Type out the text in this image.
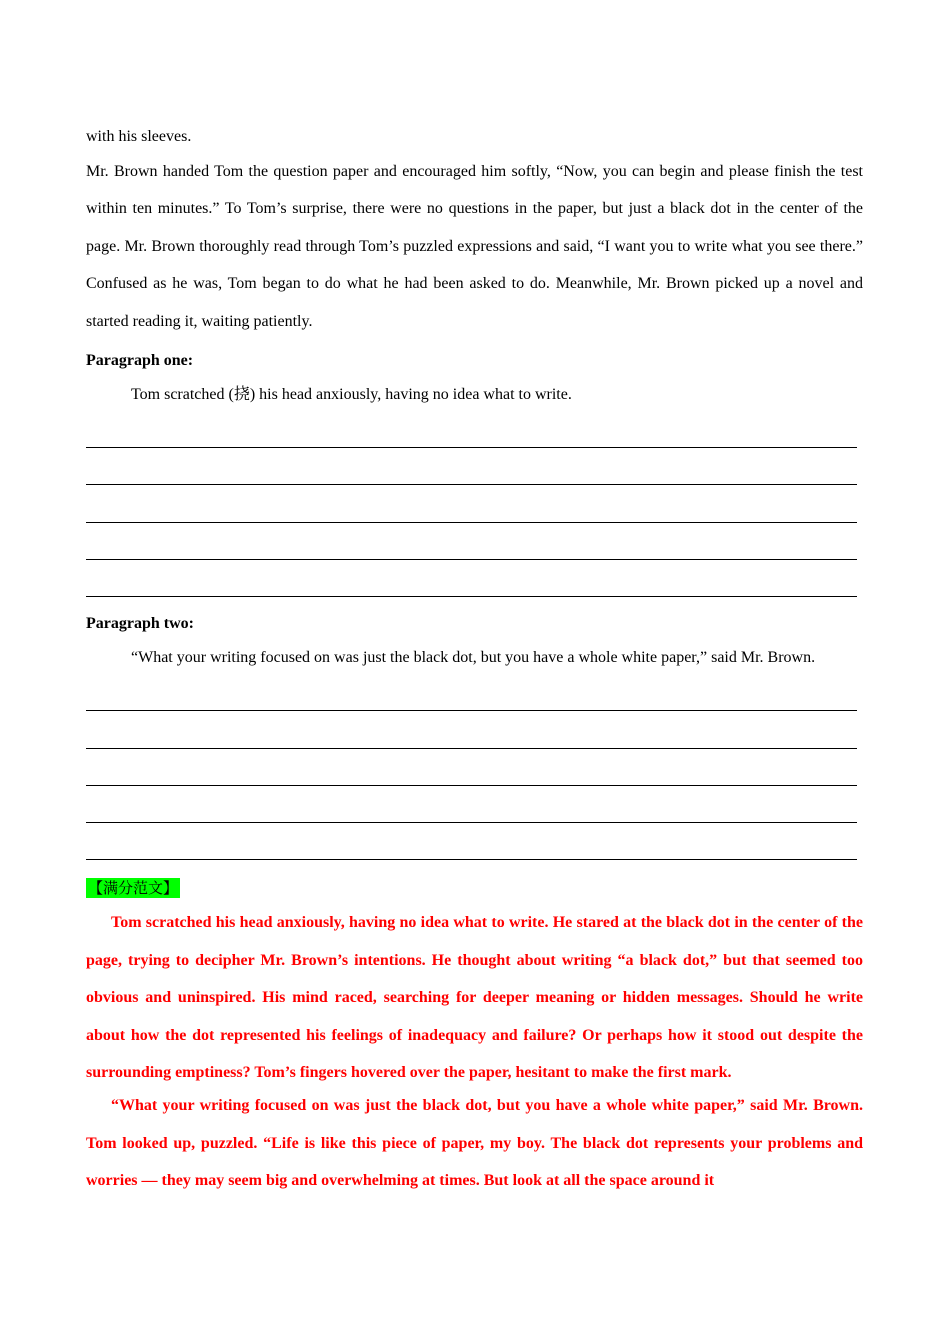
with his sleeves.

Mr. Brown handed Tom the question paper and encouraged him softly, “Now, you can begin and please finish the test within ten minutes.” To Tom’s surprise, there were no questions in the paper, but just a black dot in the center of the page. Mr. Brown thoroughly read through Tom’s puzzled expressions and said, “I want you to write what you see there.” Confused as he was, Tom began to do what he had been asked to do. Meanwhile, Mr. Brown picked up a novel and started reading it, waiting patiently.

Paragraph one:

Tom scratched (挠) his head anxiously, having no idea what to write.

Paragraph two:

“What your writing focused on was just the black dot, but you have a whole white paper,” said Mr. Brown.

【满分范文】

Tom scratched his head anxiously, having no idea what to write. He stared at the black dot in the center of the page, trying to decipher Mr. Brown’s intentions. He thought about writing “a black dot,” but that seemed too obvious and uninspired. His mind raced, searching for deeper meaning or hidden messages. Should he write about how the dot represented his feelings of inadequacy and failure? Or perhaps how it stood out despite the surrounding emptiness? Tom’s fingers hovered over the paper, hesitant to make the first mark.

“What your writing focused on was just the black dot, but you have a whole white paper,” said Mr. Brown. Tom looked up, puzzled. “Life is like this piece of paper, my boy. The black dot represents your problems and worries — they may seem big and overwhelming at times. But look at all the space around it
